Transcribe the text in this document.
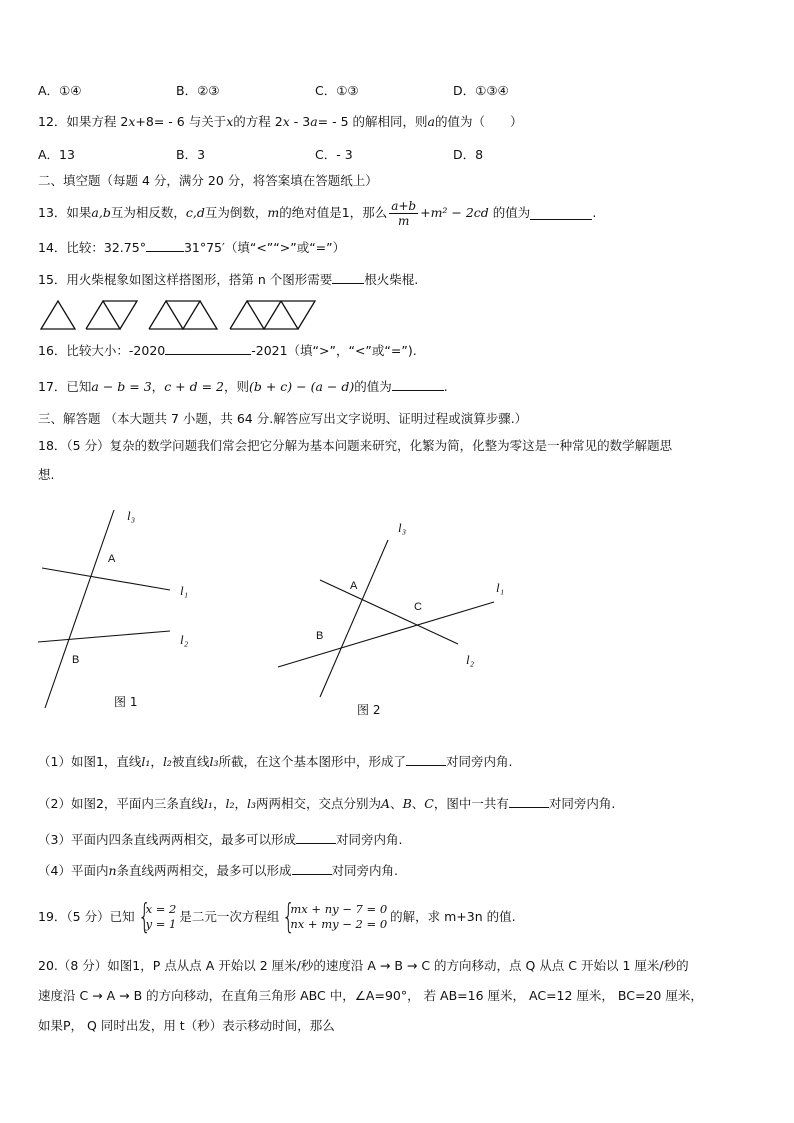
A．①④	B．②③	C．①③	D．①③④
12．如果方程 2x+8= - 6 与关于x的方程 2x - 3a= - 5 的解相同，则a的值为（　　）
A．13	B．3	C．- 3	D．8
二、填空题（每题 4 分，满分 20 分，将答案填在答题纸上）
13． 如果 a,b 互为相反数， c,d 互为倒数， m 的绝对值是1，那么 $\frac{a+b}{m} +m^2 - 2cd$
的值为	.
14．比较：32.75°	31°75′（填“<”“>”或“=”）
15．用火柴棍象如图这样搭图形，搭第 n 个图形需要	根火柴棍.
16．比较大小：-2020	-2021（填“>”，“<”或“=”).
17．已知a − b = 3，c + d = 2，则(b + c) − (a − d)的值为	.
三、解答题 （本大题共 7 小题，共 64 分.解答应写出文字说明、证明过程或演算步骤.）
18．（5 分）复杂的数学问题我们常会把它分解为基本问题来研究，化繁为简，化整为零这是一种常见的数学解题思
想.
l₃
A
l₁
l₂
B
图 1
l₃
A
C
l₁
B
l₂
图 2
（1）如图1，直线l₁，l₂被直线l₃所截，在这个基本图形中，形成了	对同旁内角.
（2）如图2，平面内三条直线l₁，l₂，l₃两两相交，交点分别为A、B、C，图中一共有	对同旁内角.
（3）平面内四条直线两两相交，最多可以形成	对同旁内角.
（4）平面内n条直线两两相交，最多可以形成	对同旁内角.
19．（5 分）已知 {
x = 2
y = 1 是二元一次方程组 {
mx + ny − 7 = 0
nx + my − 2 = 0 的解，求 m+3n 的值.
20.（8 分）如图1，P 点从点 A 开始以 2 厘米/秒的速度沿 A → B → C 的方向移动，点 Q 从点 C 开始以 1 厘米/秒的
速度沿 C → A → B 的方向移动，在直角三角形 ABC 中，∠A=90°， 若 AB=16 厘米， AC=12 厘米， BC=20 厘米，
如果P， Q 同时出发，用 t（秒）表示移动时间，那么
